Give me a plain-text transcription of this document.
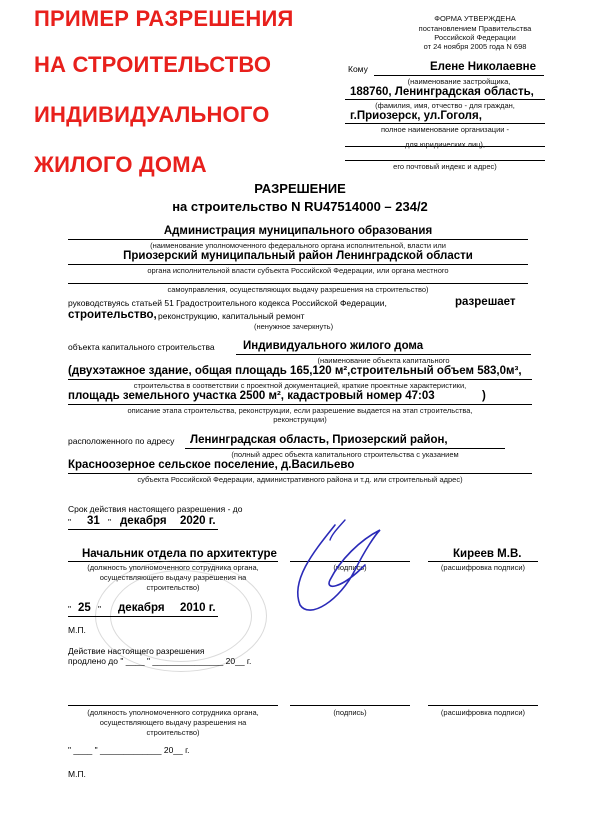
ПРИМЕР РАЗРЕШЕНИЯ
НА СТРОИТЕЛЬСТВО
ИНДИВИДУАЛЬНОГО
ЖИЛОГО ДОМА
ФОРМА УТВЕРЖДЕНА
постановлением Правительства
Российской Федерации
от 24 ноября 2005 года N 698
Кому	Елене Николаевне
(наименование застройщика,
188760, Ленинградская область,
(фамилия, имя, отчество - для граждан,
г.Приозерск, ул.Гоголя,
полное наименование организации -
для юридических лиц),
его почтовый индекс и адрес)
РАЗРЕШЕНИЕ
на строительство N RU47514000 – 234/2
Администрация муниципального образования
(наименование уполномоченного федерального органа исполнительной, власти или
Приозерский муниципальный район Ленинградской области
органа исполнительной власти субъекта Российской Федерации, или органа местного
самоуправления, осуществляющих выдачу разрешения на строительство)
руководствуясь статьей 51 Градостроительного кодекса Российской Федерации,	разрешает
строительство, реконструкцию, капитальный ремонт
(ненужное зачеркнуть)
объекта капитального строительства Индивидуального жилого дома
(наименование объекта капитального
(двухэтажное здание, общая площадь 165,120 м²,строительный объем 583,0м³,
строительства в соответствии с проектной документацией, краткие проектные характеристики,
площадь земельного участка 2500 м², кадастровый номер 47:03	)
описание этапа строительства, реконструкции, если разрешение выдается на этап строительства,
реконструкции)
расположенного по адресу Ленинградская область, Приозерский район,
(полный адрес объекта капитального строительства с указанием
Красноозерное сельское поселение, д.Васильево
субъекта Российской Федерации, административного района и т.д. или строительный адрес)
Срок действия настоящего разрешения - до
" 31 " декабря 2020 г.
Начальник отдела по архитектуре
(должность уполномоченного сотрудника органа,
осуществляющего выдачу разрешения на
строительство)
(подпись)
Киреев М.В.
(расшифровка подписи)
" 25 " декабря 2010 г.
М.П.
Действие настоящего разрешения
продлено до " ____ " _______________ 20__ г.
(должность уполномоченного сотрудника органа,
осуществляющего выдачу разрешения на
строительство)
(подпись)	(расшифровка подписи)
" ____ " _____________ 20__ г.
М.П.
